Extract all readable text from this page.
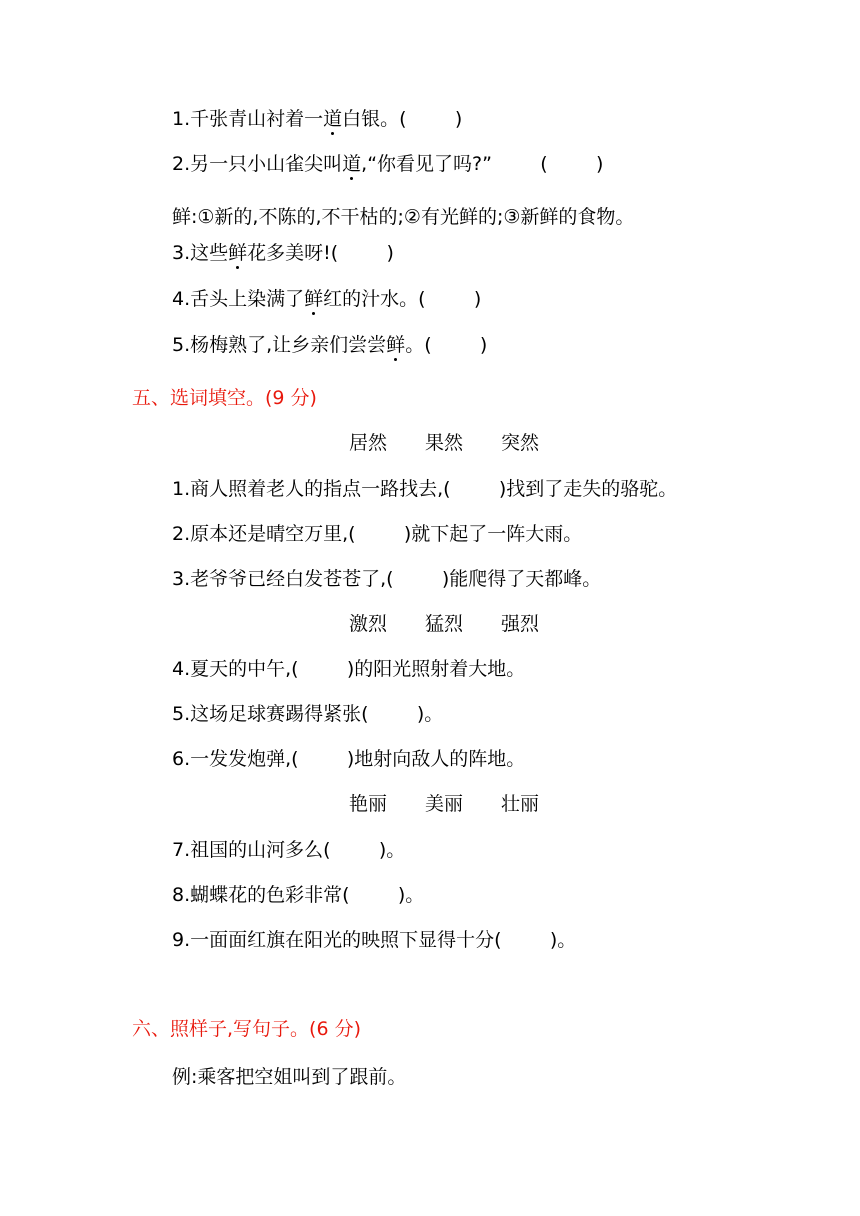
1.千张青山衬着一道白银。(        )
2.另一只小山雀尖叫道,“你看见了吗?”        (        )
鲜:①新的,不陈的,不干枯的;②有光鲜的;③新鲜的食物。
3.这些鲜花多美呀!(        )
4.舌头上染满了鲜红的汁水。(        )
5.杨梅熟了,让乡亲们尝尝鲜。(        )
五、选词填空。(9 分)
居然 果然 突然
1.商人照着老人的指点一路找去,(        )找到了走失的骆驼。
2.原本还是晴空万里,(        )就下起了一阵大雨。
3.老爷爷已经白发苍苍了,(        )能爬得了天都峰。
激烈 猛烈 强烈
4.夏天的中午,(        )的阳光照射着大地。
5.这场足球赛踢得紧张(        )。
6.一发发炮弹,(        )地射向敌人的阵地。
艳丽 美丽 壮丽
7.祖国的山河多么(        )。
8.蝴蝶花的色彩非常(        )。
9.一面面红旗在阳光的映照下显得十分(        )。
六、照样子,写句子。(6 分)
例:乘客把空姐叫到了跟前。
